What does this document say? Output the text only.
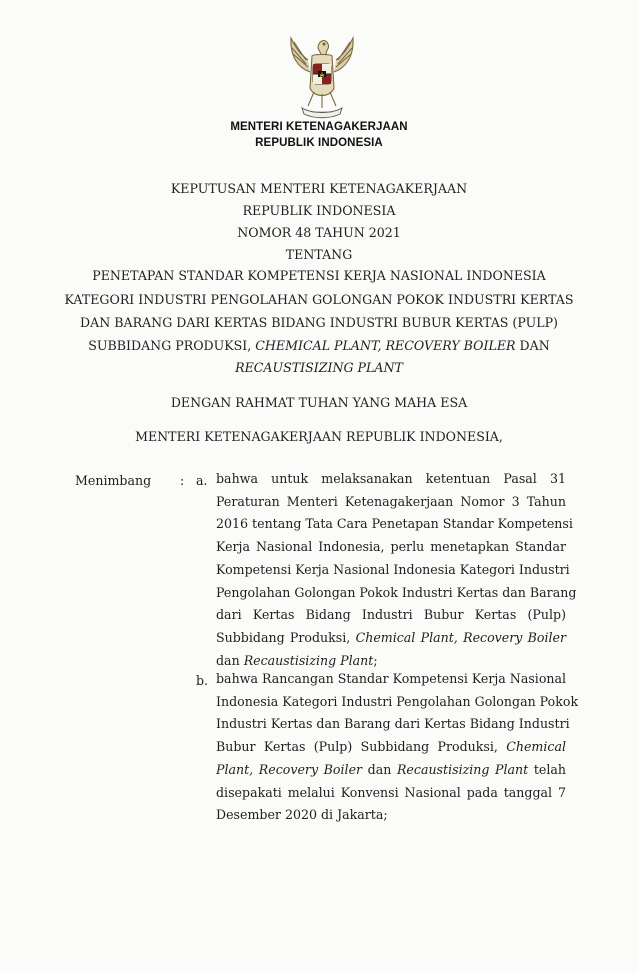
MENTERI KETENAGAKERJAAN
REPUBLIK INDONESIA
KEPUTUSAN MENTERI KETENAGAKERJAAN
REPUBLIK INDONESIA
NOMOR 48 TAHUN 2021
TENTANG
PENETAPAN STANDAR KOMPETENSI KERJA NASIONAL INDONESIA
KATEGORI INDUSTRI PENGOLAHAN GOLONGAN POKOK INDUSTRI KERTAS
DAN BARANG DARI KERTAS BIDANG INDUSTRI BUBUR KERTAS (PULP)
SUBBIDANG PRODUKSI, CHEMICAL PLANT, RECOVERY BOILER DAN
RECAUSTISIZING PLANT
DENGAN RAHMAT TUHAN YANG MAHA ESA
MENTERI KETENAGAKERJAAN REPUBLIK INDONESIA,
Menimbang : a. bahwa untuk melaksanakan ketentuan Pasal 31
Peraturan Menteri Ketenagakerjaan Nomor 3 Tahun
2016 tentang Tata Cara Penetapan Standar Kompetensi
Kerja Nasional Indonesia, perlu menetapkan Standar
Kompetensi Kerja Nasional Indonesia Kategori Industri
Pengolahan Golongan Pokok Industri Kertas dan Barang
dari Kertas Bidang Industri Bubur Kertas (Pulp)
Subbidang Produksi, Chemical Plant, Recovery Boiler
dan Recaustisizing Plant;
b. bahwa Rancangan Standar Kompetensi Kerja Nasional
Indonesia Kategori Industri Pengolahan Golongan Pokok
Industri Kertas dan Barang dari Kertas Bidang Industri
Bubur Kertas (Pulp) Subbidang Produksi, Chemical
Plant, Recovery Boiler dan Recaustisizing Plant telah
disepakati melalui Konvensi Nasional pada tanggal 7
Desember 2020 di Jakarta;
